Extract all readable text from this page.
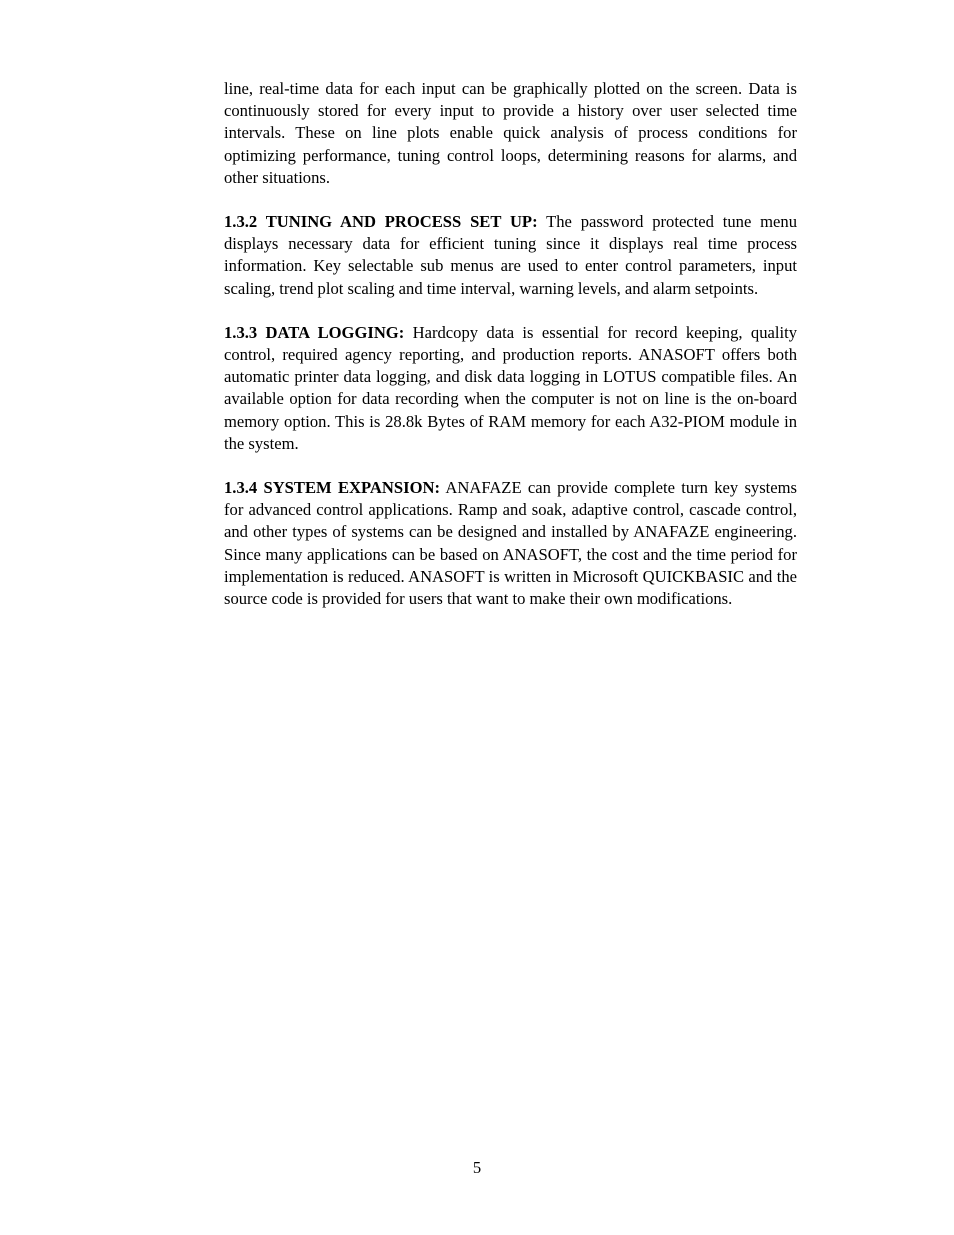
line, real-time data for each input can be graphically plotted on the screen. Data is continuously stored for every input to provide a history over user selected time intervals. These on line plots enable quick analysis of process conditions for optimizing performance, tuning control loops, determining reasons for alarms, and other situations.

1.3.2 TUNING AND PROCESS SET UP: The password protected tune menu displays necessary data for efficient tuning since it displays real time process information. Key selectable sub menus are used to enter control parameters, input scaling, trend plot scaling and time interval, warning levels, and alarm setpoints.

1.3.3 DATA LOGGING: Hardcopy data is essential for record keeping, quality control, required agency reporting, and production reports. ANASOFT offers both automatic printer data logging, and disk data logging in LOTUS compatible files. An available option for data recording when the computer is not on line is the on-board memory option. This is 28.8k Bytes of RAM memory for each A32-PIOM module in the system.

1.3.4 SYSTEM EXPANSION: ANAFAZE can provide complete turn key systems for advanced control applications. Ramp and soak, adaptive control, cascade control, and other types of systems can be designed and installed by ANAFAZE engineering. Since many applications can be based on ANASOFT, the cost and the time period for implementation is reduced. ANASOFT is written in Microsoft QUICKBASIC and the source code is provided for users that want to make their own modifications.

5
